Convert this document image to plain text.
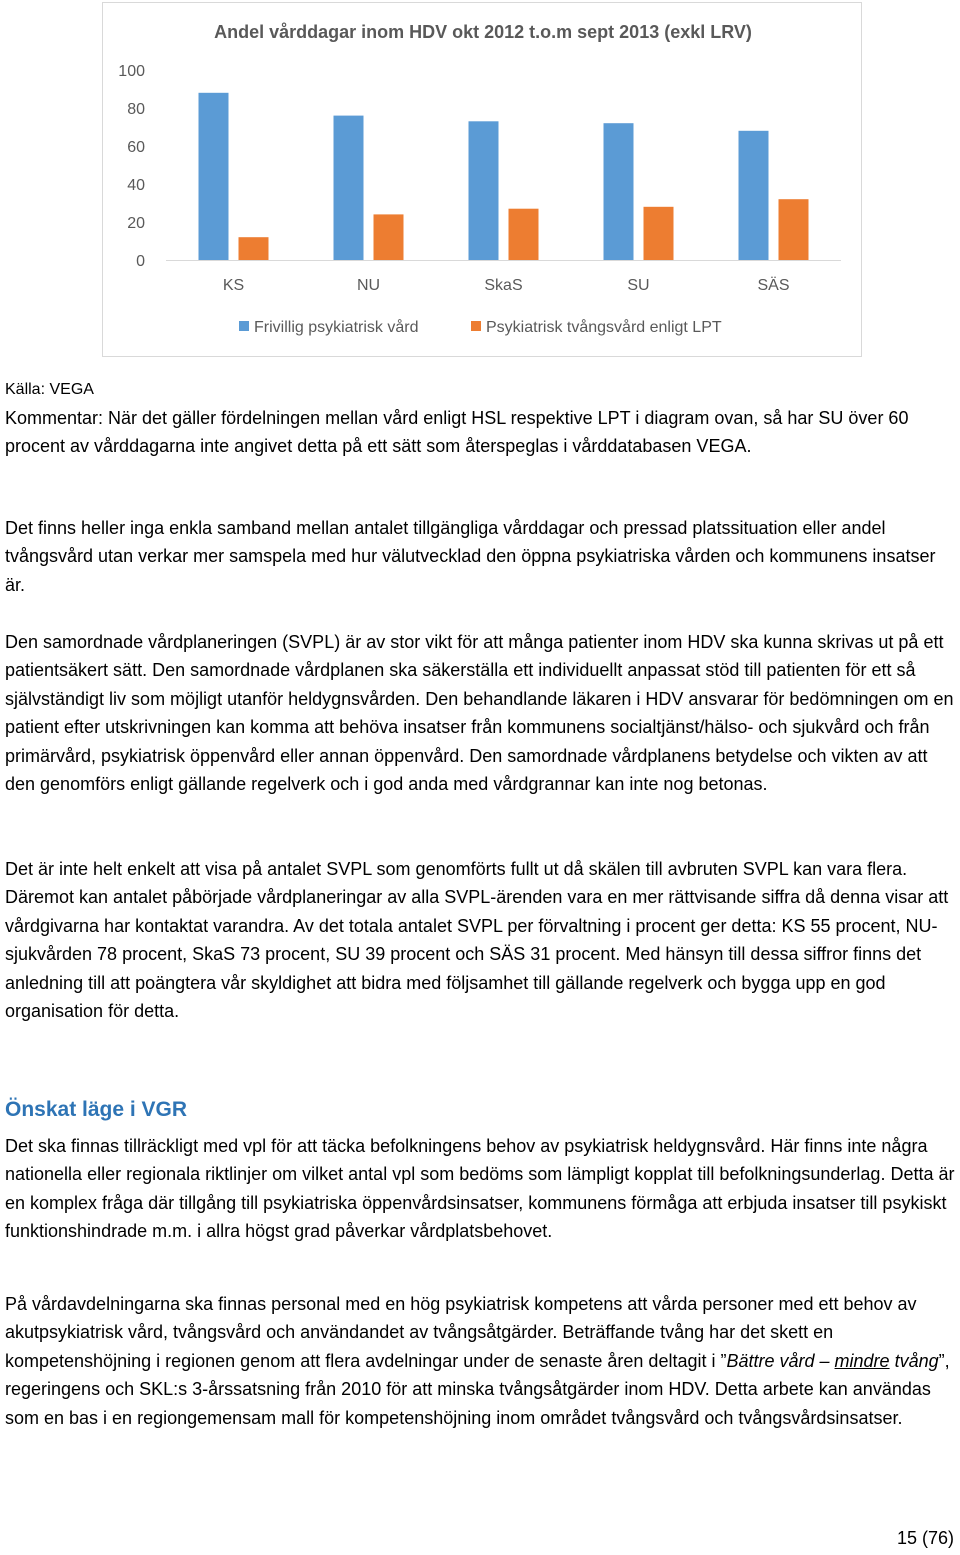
Andel vårddagar inom HDV okt 2012 t.o.m sept 2013 (exkl LRV)
0
20
40
60
80
100
KS	NU	SkaS	SU	SÄS
Frivillig psykiatrisk vård	Psykiatrisk tvångsvård enligt LPT

Källa: VEGA

Kommentar: När det gäller fördelningen mellan vård enligt HSL respektive LPT i diagram ovan, så har SU över 60 procent av vårddagarna inte angivet detta på ett sätt som återspeglas i vårddatabasen VEGA.

Det finns heller inga enkla samband mellan antalet tillgängliga vårddagar och pressad platssituation eller andel tvångsvård utan verkar mer samspela med hur välutvecklad den öppna psykiatriska vården och kommunens insatser är.

Den samordnade vårdplaneringen (SVPL) är av stor vikt för att många patienter inom HDV ska kunna skrivas ut på ett patientsäkert sätt. Den samordnade vårdplanen ska säkerställa ett individuellt anpassat stöd till patienten för ett så självständigt liv som möjligt utanför heldygnsvården. Den behandlande läkaren i HDV ansvarar för bedömningen om en patient efter utskrivningen kan komma att behöva insatser från kommunens socialtjänst/hälso- och sjukvård och från primärvård, psykiatrisk öppenvård eller annan öppenvård. Den samordnade vårdplanens betydelse och vikten av att den genomförs enligt gällande regelverk och i god anda med vårdgrannar kan inte nog betonas.

Det är inte helt enkelt att visa på antalet SVPL som genomförts fullt ut då skälen till avbruten SVPL kan vara flera. Däremot kan antalet påbörjade vårdplaneringar av alla SVPL-ärenden vara en mer rättvisande siffra då denna visar att vårdgivarna har kontaktat varandra. Av det totala antalet SVPL per förvaltning i procent ger detta: KS 55 procent, NU-sjukvården 78 procent, SkaS 73 procent, SU 39 procent och SÄS 31 procent. Med hänsyn till dessa siffror finns det anledning till att poängtera vår skyldighet att bidra med följsamhet till gällande regelverk och bygga upp en god organisation för detta.

Önskat läge i VGR

Det ska finnas tillräckligt med vpl för att täcka befolkningens behov av psykiatrisk heldygnsvård. Här finns inte några nationella eller regionala riktlinjer om vilket antal vpl som bedöms som lämpligt kopplat till befolkningsunderlag. Detta är en komplex fråga där tillgång till psykiatriska öppenvårdsinsatser, kommunens förmåga att erbjuda insatser till psykiskt funktionshindrade m.m. i allra högst grad påverkar vårdplatsbehovet.

På vårdavdelningarna ska finnas personal med en hög psykiatrisk kompetens att vårda personer med ett behov av akutpsykiatrisk vård, tvångsvård och användandet av tvångsåtgärder. Beträffande tvång har det skett en kompetenshöjning i regionen genom att flera avdelningar under de senaste åren deltagit i ”Bättre vård – mindre tvång”, regeringens och SKL:s 3-årssatsning från 2010 för att minska tvångsåtgärder inom HDV. Detta arbete kan användas som en bas i en regiongemensam mall för kompetenshöjning inom området tvångsvård och tvångsvårdsinsatser.

15 (76)
